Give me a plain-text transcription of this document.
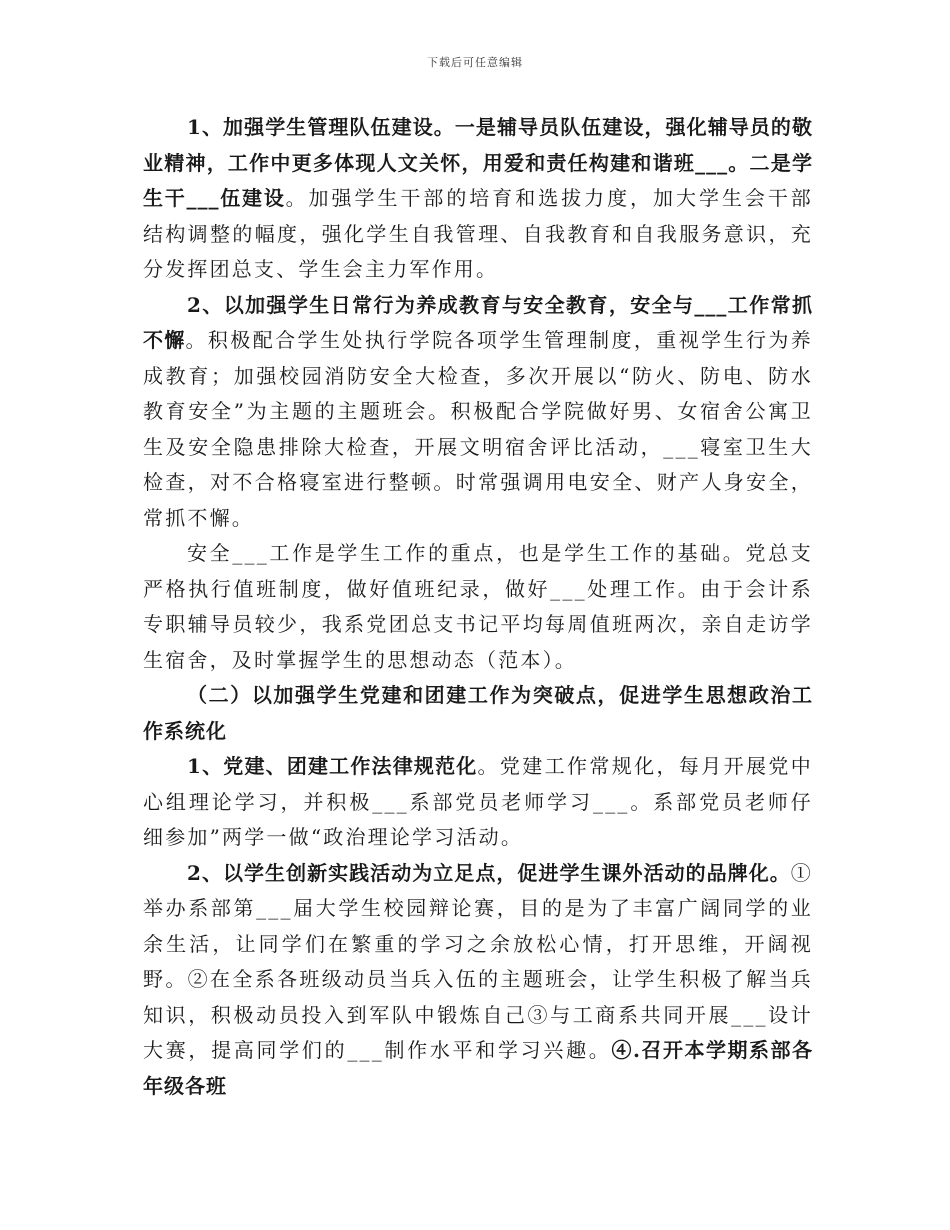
下载后可任意编辑

1、加强学生管理队伍建设。一是辅导员队伍建设，强化辅导员的敬业精神，工作中更多体现人文关怀，用爱和责任构建和谐班___。二是学生干___伍建设。加强学生干部的培育和选拔力度，加大学生会干部结构调整的幅度，强化学生自我管理、自我教育和自我服务意识，充分发挥团总支、学生会主力军作用。

2、以加强学生日常行为养成教育与安全教育，安全与___工作常抓不懈。积极配合学生处执行学院各项学生管理制度，重视学生行为养成教育；加强校园消防安全大检查，多次开展以“防火、防电、防水教育安全”为主题的主题班会。积极配合学院做好男、女宿舍公寓卫生及安全隐患排除大检查，开展文明宿舍评比活动，___寝室卫生大检查，对不合格寝室进行整顿。时常强调用电安全、财产人身安全，常抓不懈。

安全___工作是学生工作的重点，也是学生工作的基础。党总支严格执行值班制度，做好值班纪录，做好___处理工作。由于会计系专职辅导员较少，我系党团总支书记平均每周值班两次，亲自走访学生宿舍，及时掌握学生的思想动态（范本）。

（二）以加强学生党建和团建工作为突破点，促进学生思想政治工作系统化

1、党建、团建工作法律规范化。党建工作常规化，每月开展党中心组理论学习，并积极___系部党员老师学习___。系部党员老师仔细参加”两学一做“政治理论学习活动。

2、以学生创新实践活动为立足点，促进学生课外活动的品牌化。①举办系部第___届大学生校园辩论赛，目的是为了丰富广阔同学的业余生活，让同学们在繁重的学习之余放松心情，打开思维，开阔视野。②在全系各班级动员当兵入伍的主题班会，让学生积极了解当兵知识，积极动员投入到军队中锻炼自己③与工商系共同开展___设计大赛，提高同学们的___制作水平和学习兴趣。④.召开本学期系部各年级各班
